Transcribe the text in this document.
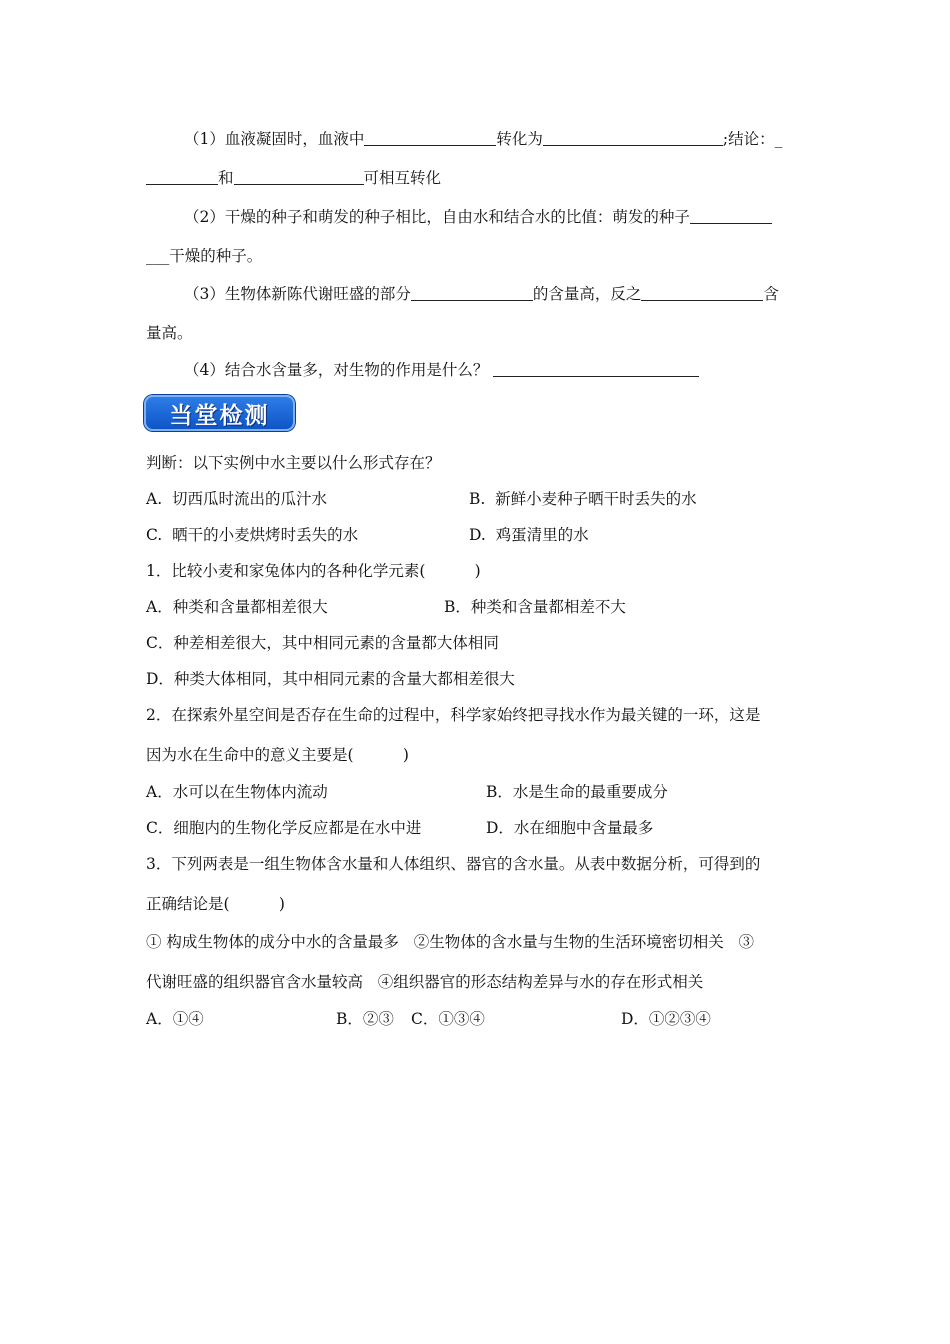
（1）血液凝固时，血液中	转化为	;结论：_
和	可相互转化
（2）干燥的种子和萌发的种子相比，自由水和结合水的比值：萌发的种子
___干燥的种子。
（3）生物体新陈代谢旺盛的部分	的含量高，反之	含
量高。
（4）结合水含量多，对生物的作用是什么？
当堂检测
判断：以下实例中水主要以什么形式存在？
A.  切西瓜时流出的瓜汁水	B.  新鲜小麦种子晒干时丢失的水
C.  晒干的小麦烘烤时丢失的水	D.  鸡蛋清里的水
1．比较小麦和家兔体内的各种化学元素(          )
A．种类和含量都相差很大	B．种类和含量都相差不大
C．种差相差很大，其中相同元素的含量都大体相同
D．种类大体相同，其中相同元素的含量大都相差很大
2．在探索外星空间是否存在生命的过程中，科学家始终把寻找水作为最关键的一环，这是
因为水在生命中的意义主要是(          )
A．水可以在生物体内流动	B．水是生命的最重要成分
C．细胞内的生物化学反应都是在水中进	D．水在细胞中含量最多
3．下列两表是一组生物体含水量和人体组织、器官的含水量。从表中数据分析，可得到的
正确结论是(          )
① 构成生物体的成分中水的含量最多   ②生物体的含水量与生物的生活环境密切相关   ③
代谢旺盛的组织器官含水量较高   ④组织器官的形态结构差异与水的存在形式相关
A．①④	B．②③ C．①③④	D．①②③④
